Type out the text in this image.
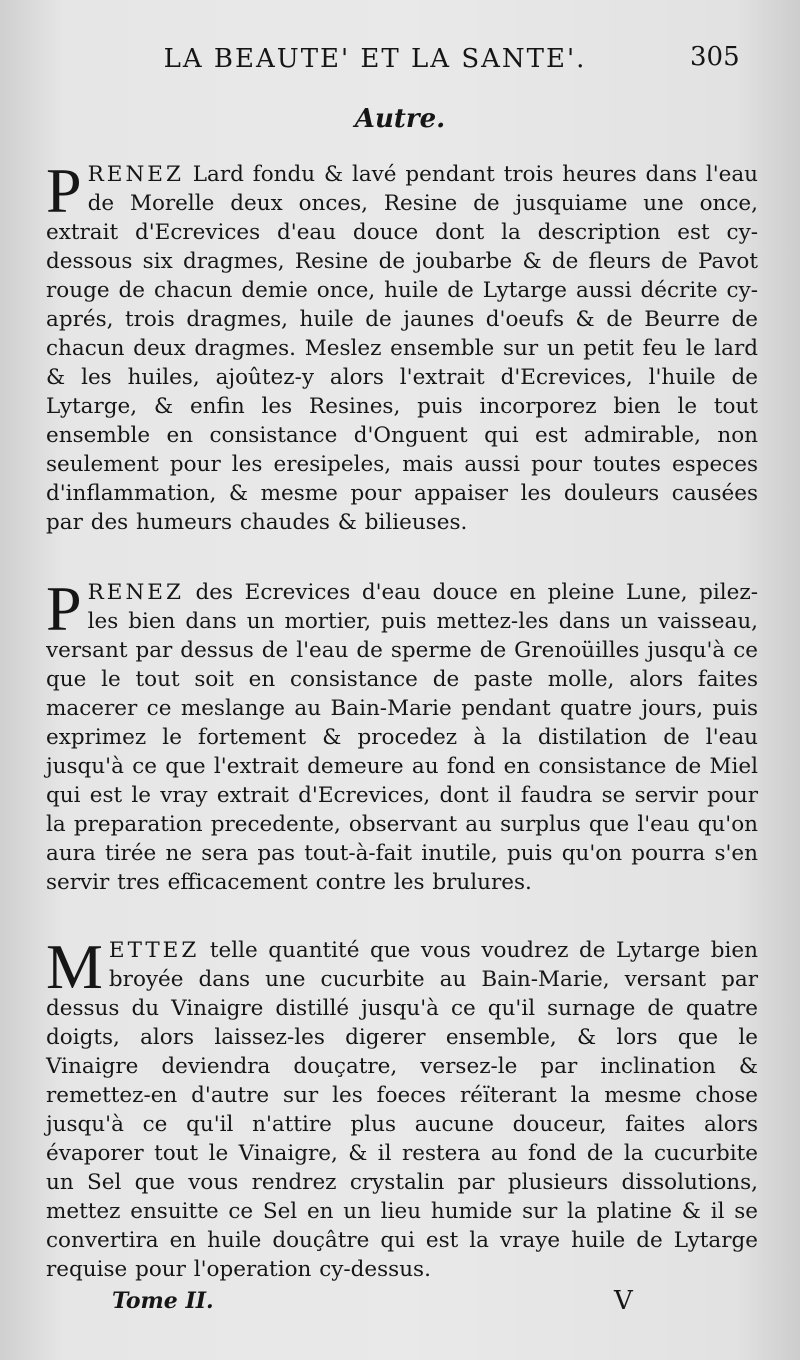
LA BEAUTE' ET LA SANTE'.	305
Autre.

PRENEZ Lard fondu & lavé pendant trois heures dans l'eau de Morelle deux onces, Resine de jusquiame une once, extrait d'Ecrevices d'eau douce dont la description est cy-dessous six dragmes, Resine de joubarbe & de fleurs de Pavot rouge de chacun demie once, huile de Lytarge aussi décrite cy-aprés, trois dragmes, huile de jaunes d'oeufs & de Beurre de chacun deux dragmes. Meslez ensemble sur un petit feu le lard & les huiles, ajoûtez-y alors l'extrait d'Ecrevices, l'huile de Lytarge, & enfin les Resines, puis incorporez bien le tout ensemble en consistance d'Onguent qui est admirable, non seulement pour les eresipeles, mais aussi pour toutes especes d'inflammation, & mesme pour appaiser les douleurs causées par des humeurs chaudes & bilieuses.

PRENEZ des Ecrevices d'eau douce en pleine Lune, pilez-les bien dans un mortier, puis mettez-les dans un vaisseau, versant par dessus de l'eau de sperme de Grenoüilles jusqu'à ce que le tout soit en consistance de paste molle, alors faites macerer ce meslange au Bain-Marie pendant quatre jours, puis exprimez le fortement & procedez à la distilation de l'eau jusqu'à ce que l'extrait demeure au fond en consistance de Miel qui est le vray extrait d'Ecrevices, dont il faudra se servir pour la preparation precedente, observant au surplus que l'eau qu'on aura tirée ne sera pas tout-à-fait inutile, puis qu'on pourra s'en servir tres efficacement contre les brulures.

METTEZ telle quantité que vous voudrez de Lytarge bien broyée dans une cucurbite au Bain-Marie, versant par dessus du Vinaigre distillé jusqu'à ce qu'il surnage de quatre doigts, alors laissez-les digerer ensemble, & lors que le Vinaigre deviendra douçatre, versez-le par inclination & remettez-en d'autre sur les foeces réïterant la mesme chose jusqu'à ce qu'il n'attire plus aucune douceur, faites alors évaporer tout le Vinaigre, & il restera au fond de la cucurbite un Sel que vous rendrez crystalin par plusieurs dissolutions, mettez ensuitte ce Sel en un lieu humide sur la platine & il se convertira en huile douçâtre qui est la vraye huile de Lytarge requise pour l'operation cy-dessus.

Tome II.	V
